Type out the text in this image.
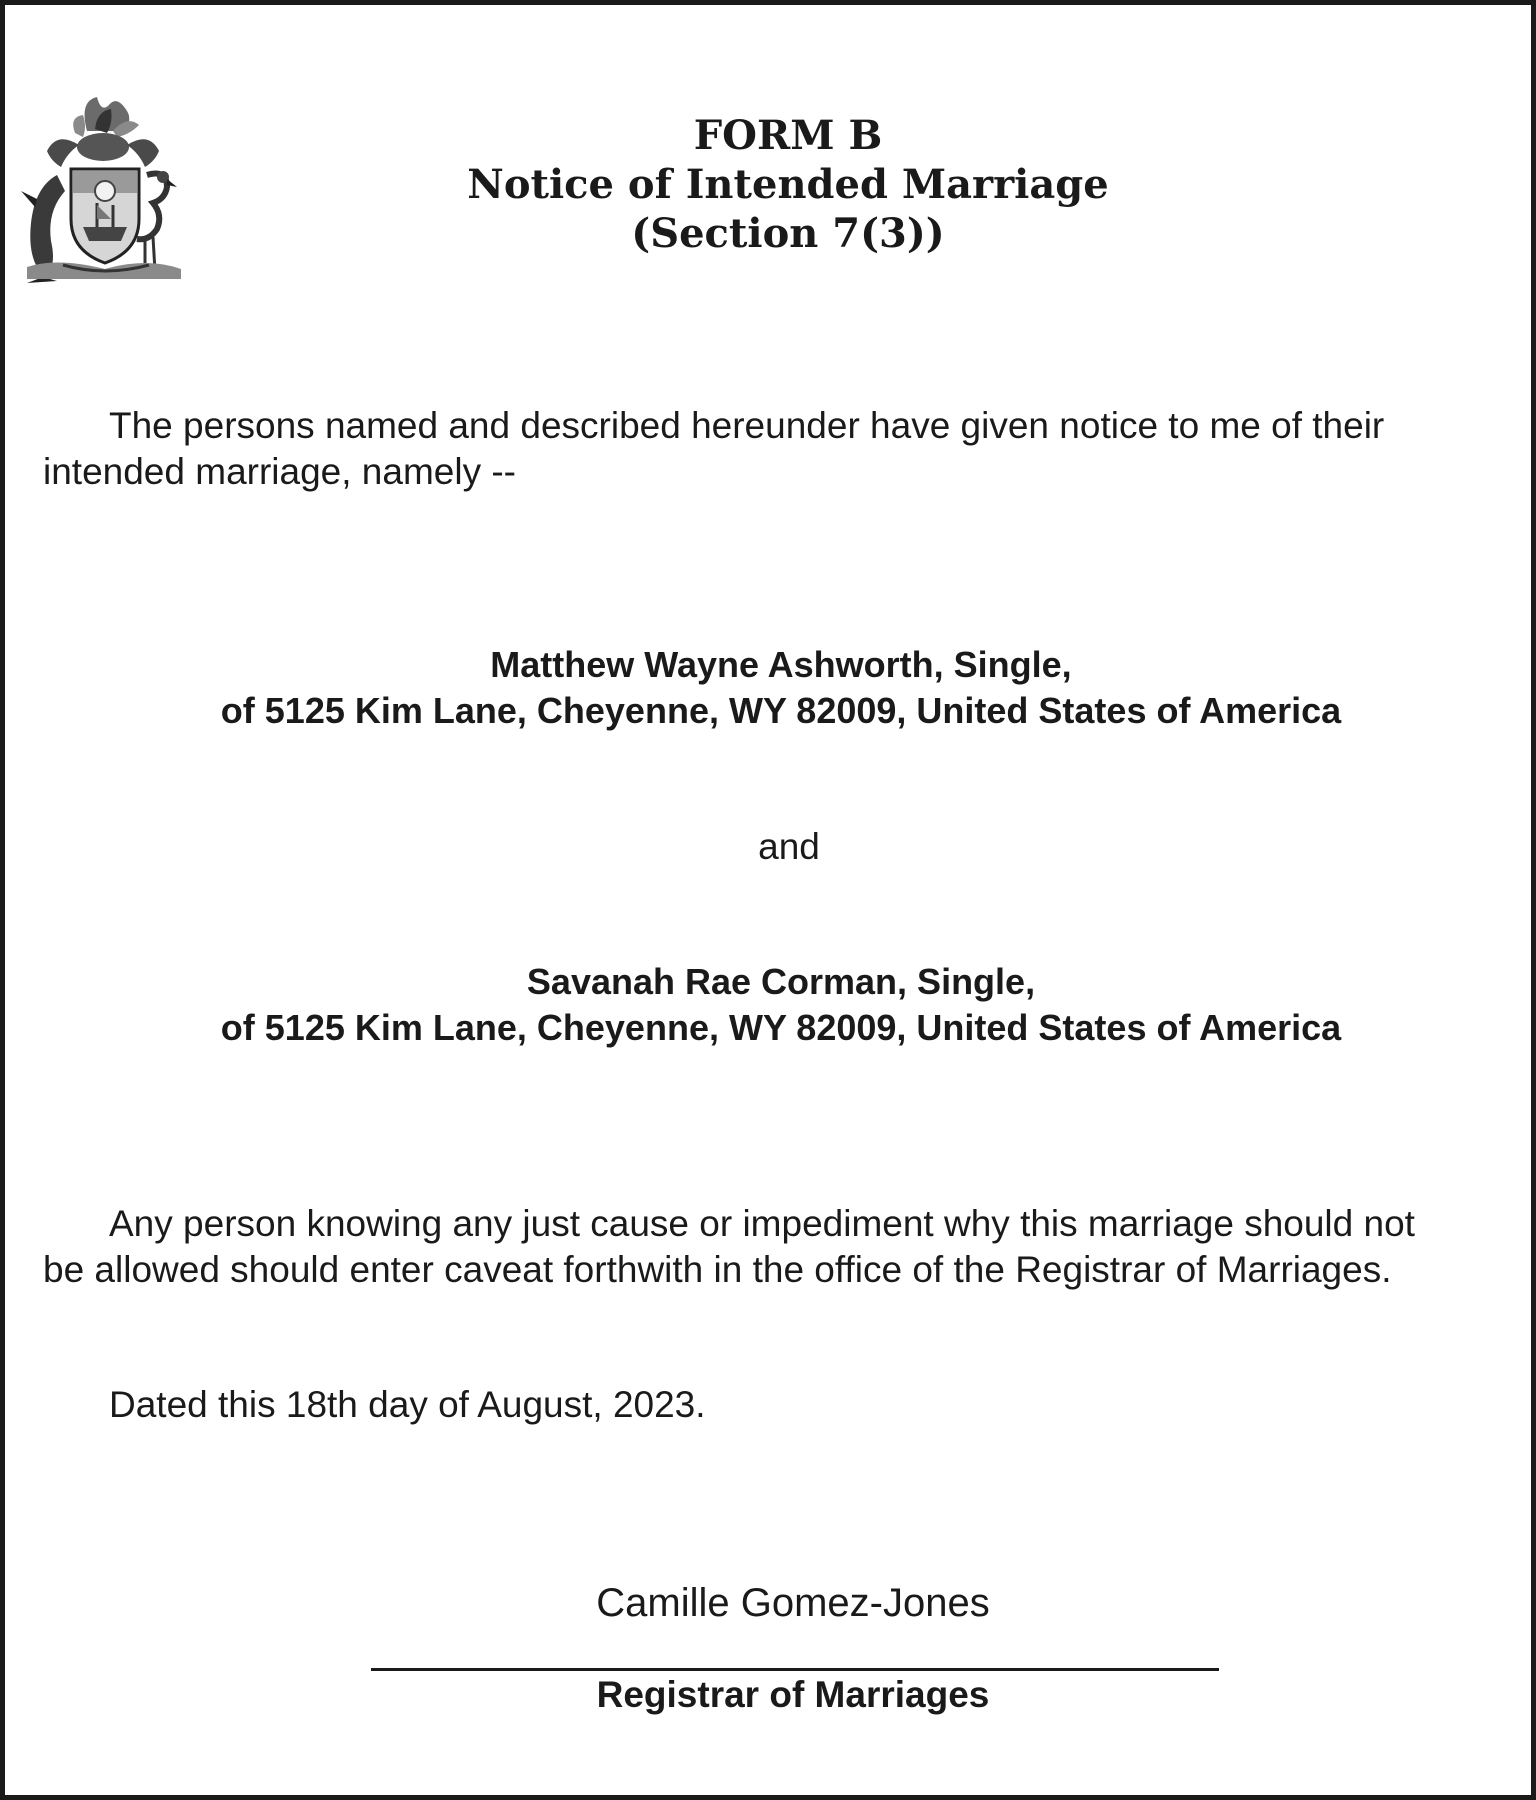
FORM B
Notice of Intended Marriage
(Section 7(3))
The persons named and described hereunder have given notice to me of their
intended marriage, namely --
Matthew Wayne Ashworth, Single,
of 5125 Kim Lane, Cheyenne, WY 82009, United States of America
and
Savanah Rae Corman, Single,
of 5125 Kim Lane, Cheyenne, WY 82009, United States of America
Any person knowing any just cause or impediment why this marriage should not
be allowed should enter caveat forthwith in the office of the Registrar of Marriages.
Dated this 18th day of August, 2023.
Camille Gomez-Jones
Registrar of Marriages
